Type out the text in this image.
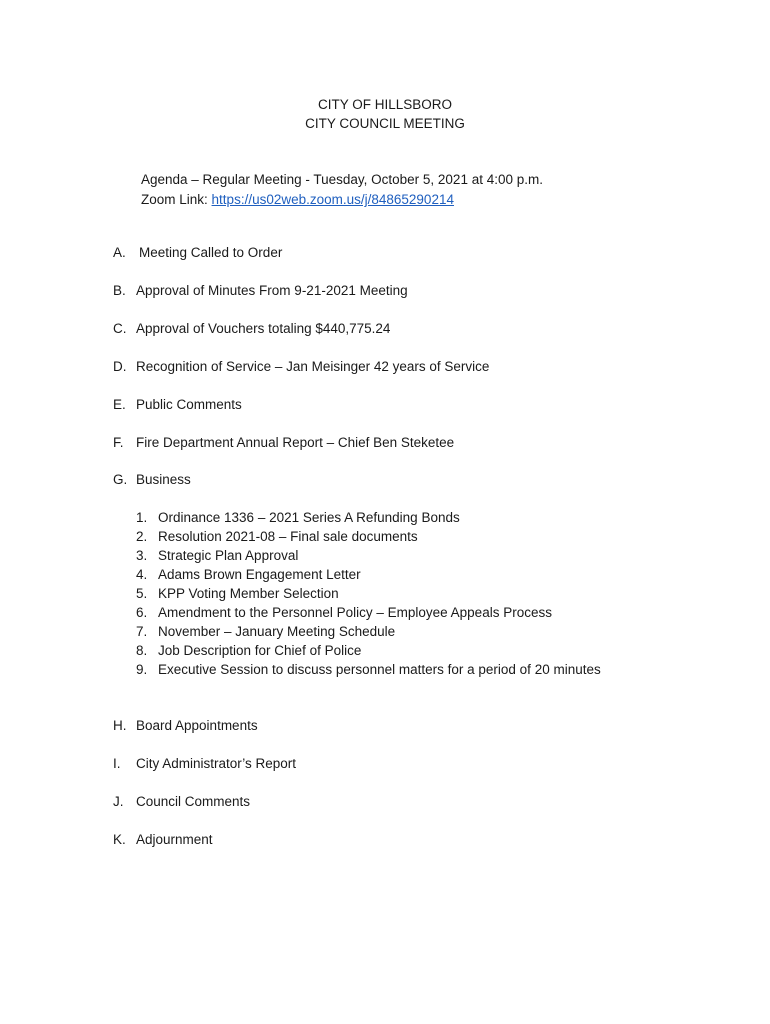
CITY OF HILLSBORO
CITY COUNCIL MEETING
Agenda – Regular Meeting - Tuesday, October 5, 2021 at 4:00 p.m.
Zoom Link: https://us02web.zoom.us/j/84865290214
A. Meeting Called to Order
B. Approval of Minutes From 9-21-2021 Meeting
C. Approval of Vouchers totaling $440,775.24
D. Recognition of Service – Jan Meisinger 42 years of Service
E. Public Comments
F. Fire Department Annual Report – Chief Ben Steketee
G. Business
1. Ordinance 1336 – 2021 Series A Refunding Bonds
2. Resolution 2021-08 – Final sale documents
3. Strategic Plan Approval
4. Adams Brown Engagement Letter
5. KPP Voting Member Selection
6. Amendment to the Personnel Policy – Employee Appeals Process
7. November – January Meeting Schedule
8. Job Description for Chief of Police
9. Executive Session to discuss personnel matters for a period of 20 minutes
H. Board Appointments
I. City Administrator’s Report
J. Council Comments
K. Adjournment
